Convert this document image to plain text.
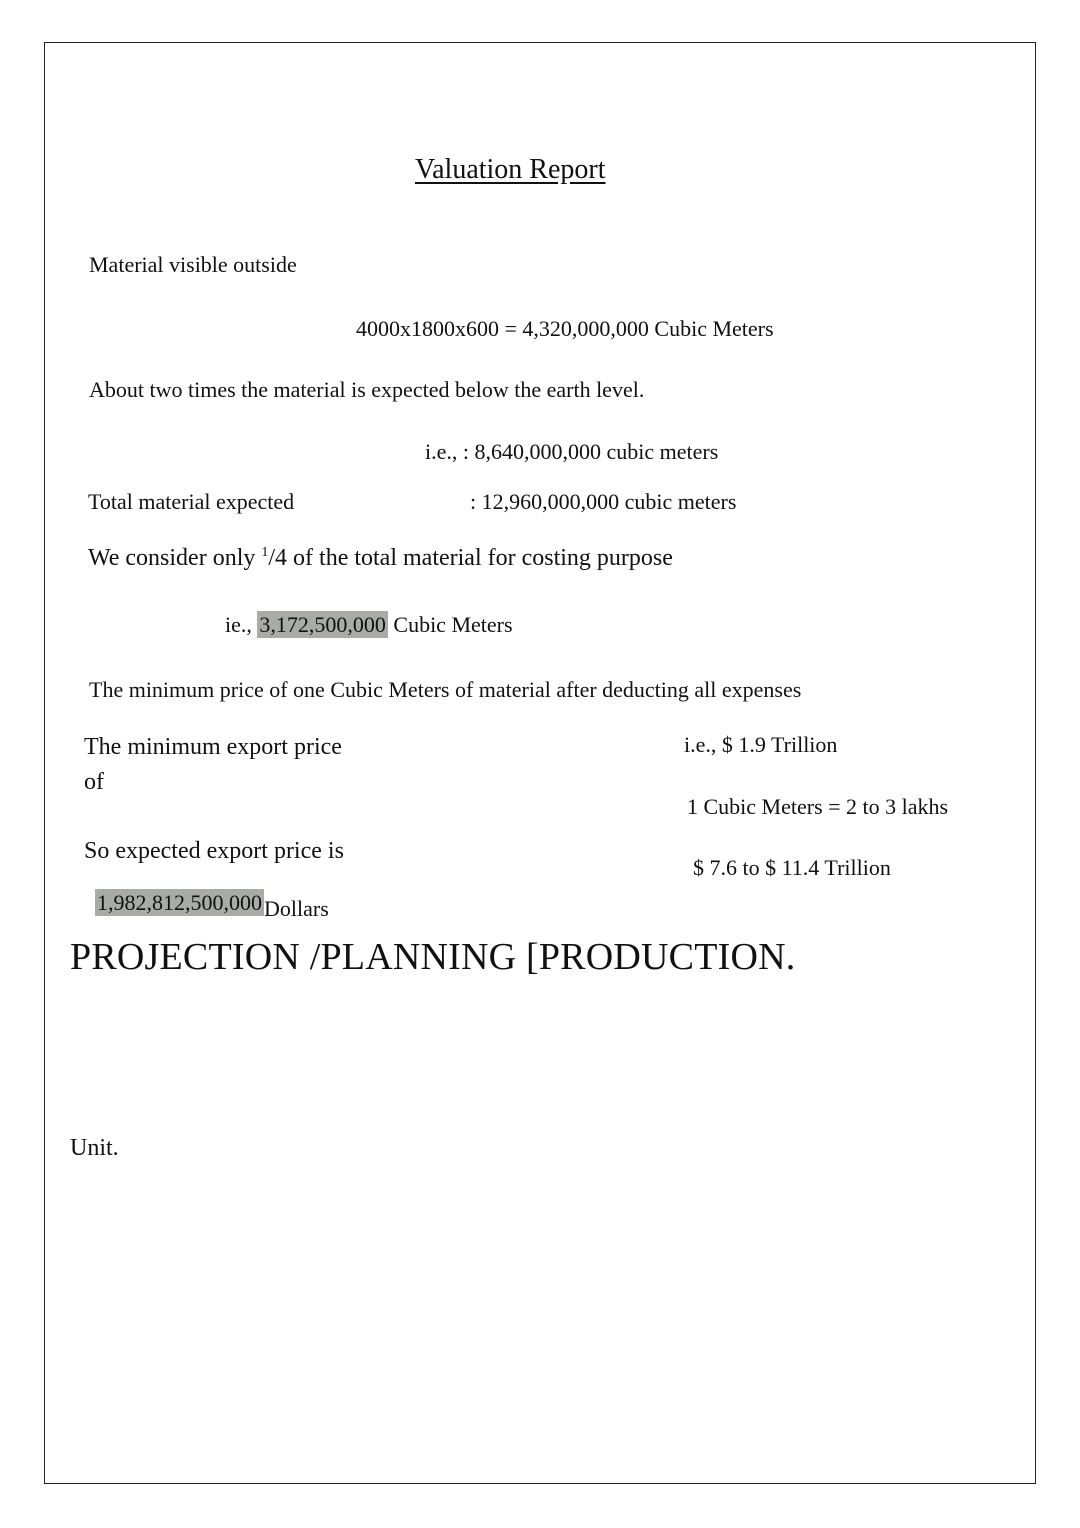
Valuation Report
Material visible outside
4000x1800x600 = 4,320,000,000 Cubic Meters
About two times the material is expected below the earth level.
i.e., : 8,640,000,000 cubic meters
Total material expected	: 12,960,000,000 cubic meters
We consider only $^1$/4 of the total material for costing purpose
ie., 3,172,500,000 Cubic Meters
The minimum price of one Cubic Meters of material after deducting all expenses
The minimum export price
of
i.e., $ 1.9 Trillion
1 Cubic Meters = 2 to 3 lakhs
So expected export price is
$ 7.6 to $ 11.4 Trillion
1,982,812,500,000Dollars
PROJECTION /PLANNING [PRODUCTION.
Unit.
